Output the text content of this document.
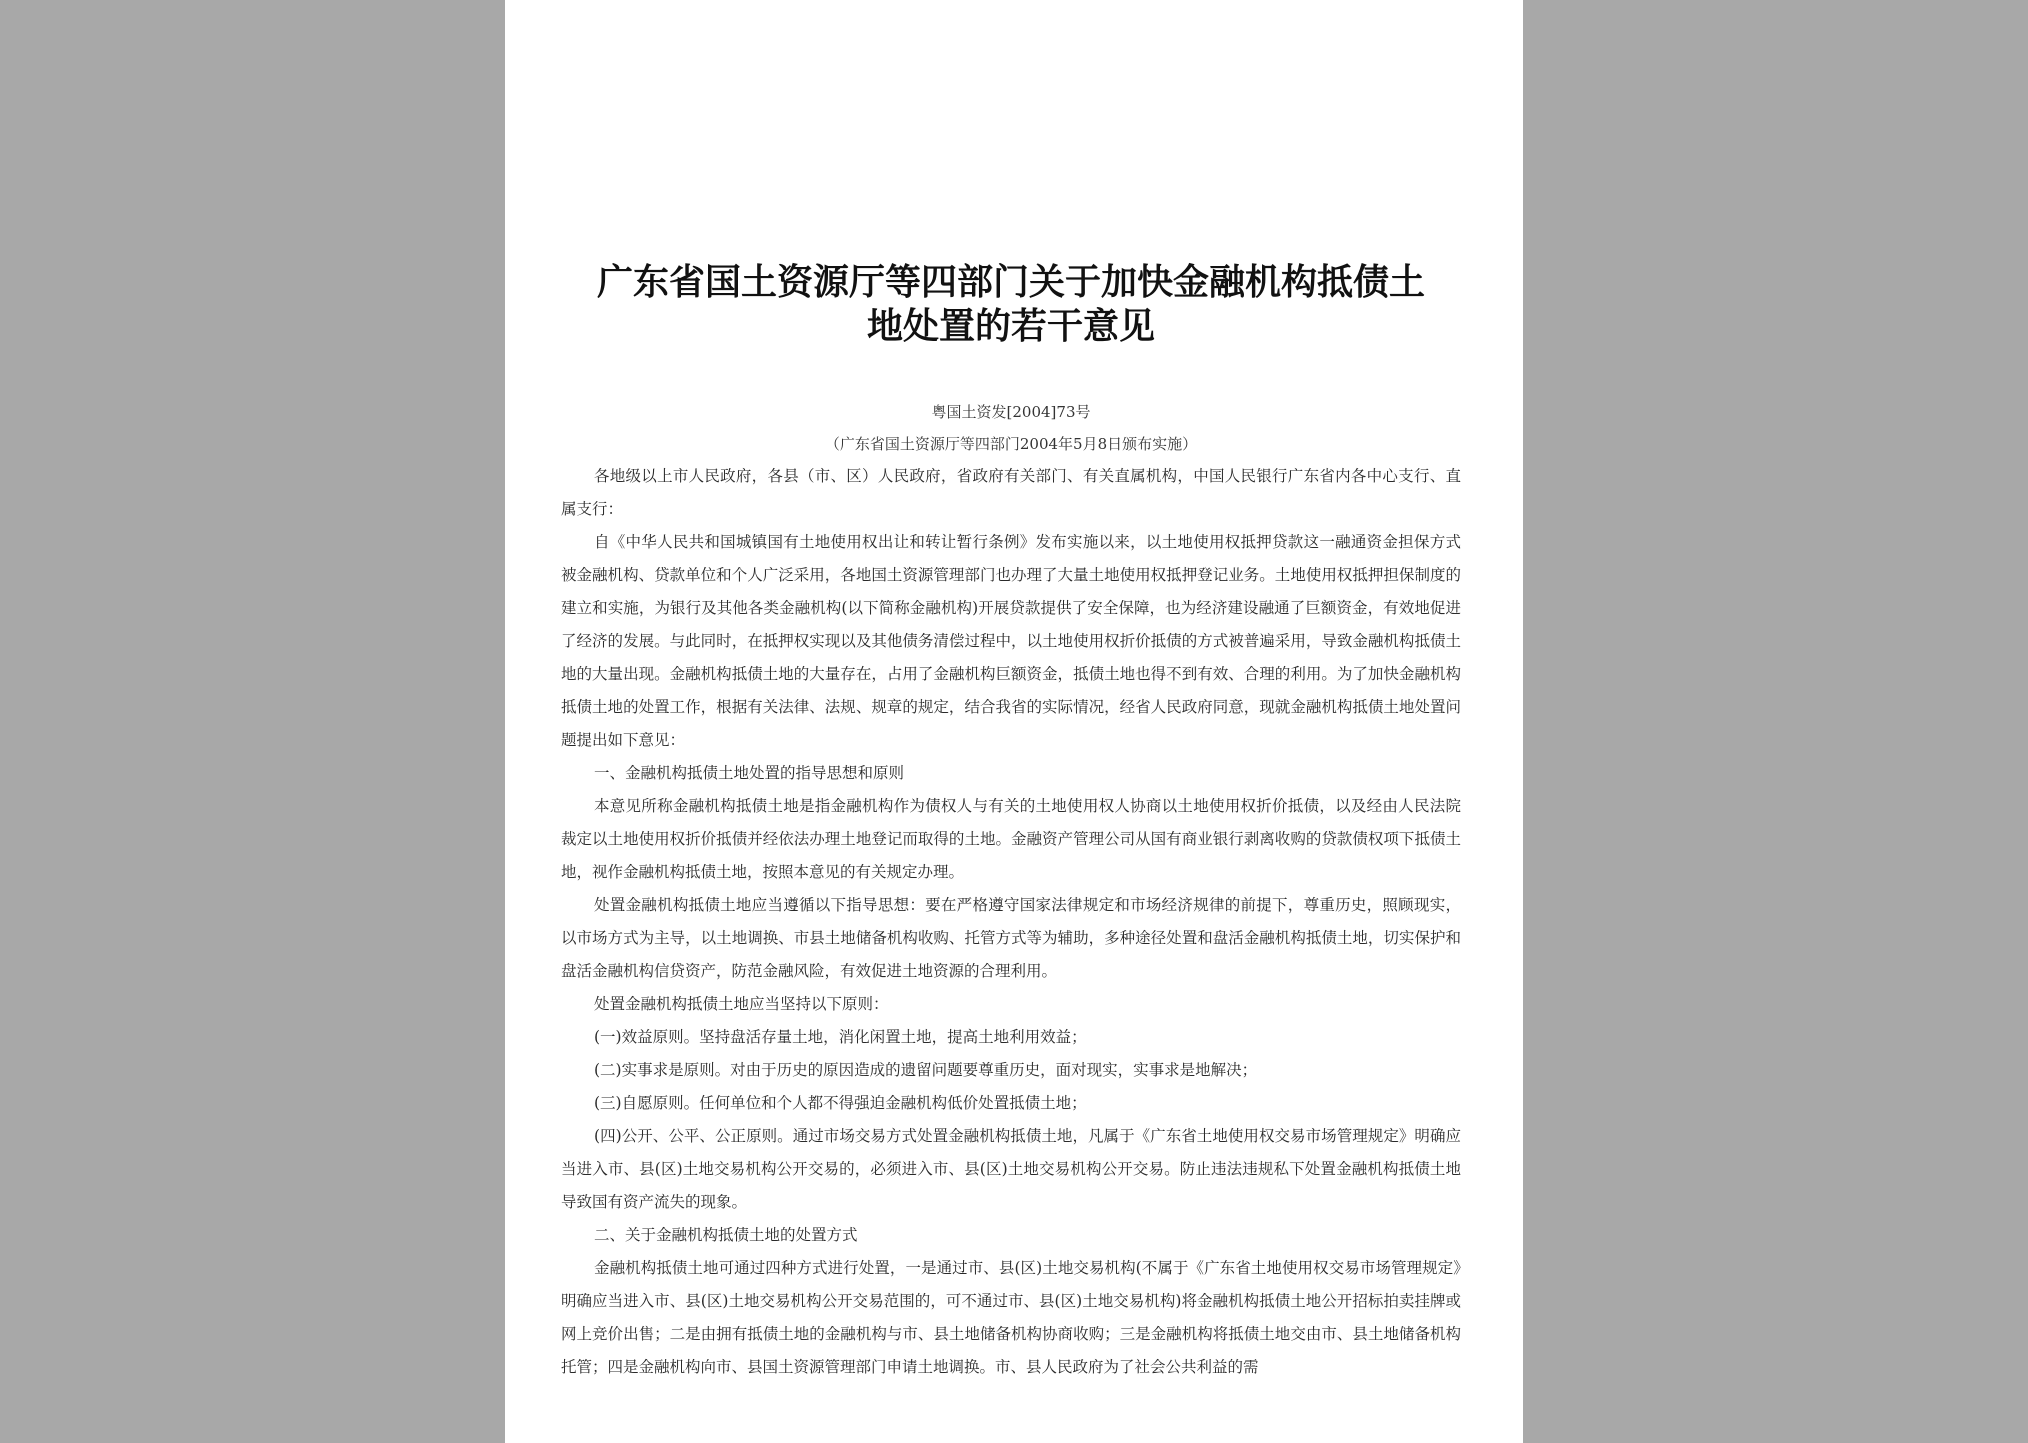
广东省国土资源厅等四部门关于加快金融机构抵债土
地处置的若干意见
粤国土资发[2004]73号
（广东省国土资源厅等四部门2004年5月8日颁布实施）

各地级以上市人民政府，各县（市、区）人民政府，省政府有关部门、有关直属机构，中国人民银行广东省内各中心支行、直属支行：

自《中华人民共和国城镇国有土地使用权出让和转让暂行条例》发布实施以来，以土地使用权抵押贷款这一融通资金担保方式被金融机构、贷款单位和个人广泛采用，各地国土资源管理部门也办理了大量土地使用权抵押登记业务。土地使用权抵押担保制度的建立和实施，为银行及其他各类金融机构(以下简称金融机构)开展贷款提供了安全保障，也为经济建设融通了巨额资金，有效地促进了经济的发展。与此同时，在抵押权实现以及其他债务清偿过程中，以土地使用权折价抵债的方式被普遍采用，导致金融机构抵债土地的大量出现。金融机构抵债土地的大量存在，占用了金融机构巨额资金，抵债土地也得不到有效、合理的利用。为了加快金融机构抵债土地的处置工作，根据有关法律、法规、规章的规定，结合我省的实际情况，经省人民政府同意，现就金融机构抵债土地处置问题提出如下意见：

一、金融机构抵债土地处置的指导思想和原则

本意见所称金融机构抵债土地是指金融机构作为债权人与有关的土地使用权人协商以土地使用权折价抵债，以及经由人民法院裁定以土地使用权折价抵债并经依法办理土地登记而取得的土地。金融资产管理公司从国有商业银行剥离收购的贷款债权项下抵债土地，视作金融机构抵债土地，按照本意见的有关规定办理。

处置金融机构抵债土地应当遵循以下指导思想：要在严格遵守国家法律规定和市场经济规律的前提下，尊重历史，照顾现实，以市场方式为主导，以土地调换、市县土地储备机构收购、托管方式等为辅助，多种途径处置和盘活金融机构抵债土地，切实保护和盘活金融机构信贷资产，防范金融风险，有效促进土地资源的合理利用。

处置金融机构抵债土地应当坚持以下原则：

(一)效益原则。坚持盘活存量土地，消化闲置土地，提高土地利用效益；

(二)实事求是原则。对由于历史的原因造成的遗留问题要尊重历史，面对现实，实事求是地解决；

(三)自愿原则。任何单位和个人都不得强迫金融机构低价处置抵债土地；

(四)公开、公平、公正原则。通过市场交易方式处置金融机构抵债土地，凡属于《广东省土地使用权交易市场管理规定》明确应当进入市、县(区)土地交易机构公开交易的，必须进入市、县(区)土地交易机构公开交易。防止违法违规私下处置金融机构抵债土地导致国有资产流失的现象。

二、关于金融机构抵债土地的处置方式

金融机构抵债土地可通过四种方式进行处置，一是通过市、县(区)土地交易机构(不属于《广东省土地使用权交易市场管理规定》明确应当进入市、县(区)土地交易机构公开交易范围的，可不通过市、县(区)土地交易机构)将金融机构抵债土地公开招标拍卖挂牌或网上竞价出售；二是由拥有抵债土地的金融机构与市、县土地储备机构协商收购；三是金融机构将抵债土地交由市、县土地储备机构托管；四是金融机构向市、县国土资源管理部门申请土地调换。市、县人民政府为了社会公共利益的需
